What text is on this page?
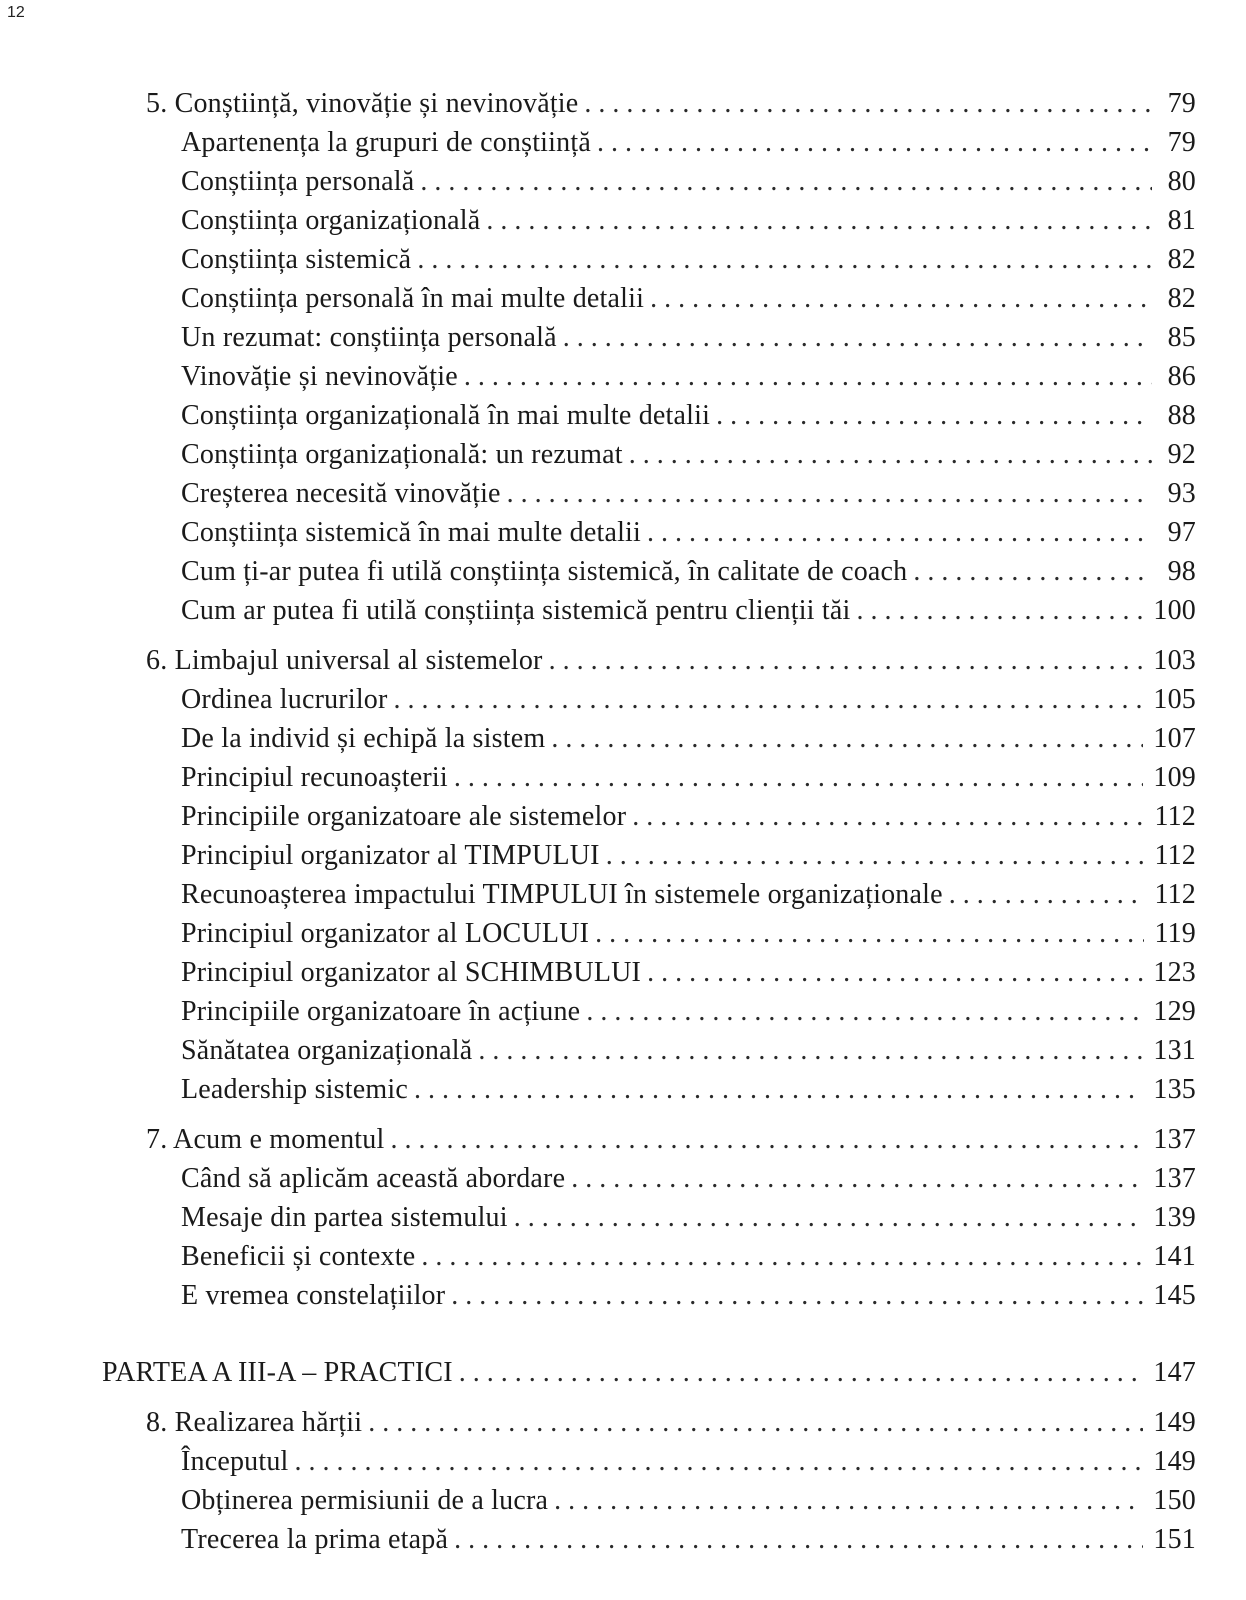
12
5. Conștiință, vinovăție și nevinovăție . . .	79
Apartenența la grupuri de conștiință . . .	79
Conștiința personală . . .	80
Conștiința organizațională . . .	81
Conștiința sistemică . . .	82
Conștiința personală în mai multe detalii . . .	82
Un rezumat: conștiința personală . . .	85
Vinovăție și nevinovăție . . .	86
Conștiința organizațională în mai multe detalii . . .	88
Conștiința organizațională: un rezumat . . .	92
Creșterea necesită vinovăție . . .	93
Conștiința sistemică în mai multe detalii . . .	97
Cum ți-ar putea fi utilă conștiința sistemică, în calitate de coach . . .	98
Cum ar putea fi utilă conștiința sistemică pentru clienții tăi . . .	100
6. Limbajul universal al sistemelor . . .	103
Ordinea lucrurilor . . .	105
De la individ și echipă la sistem . . .	107
Principiul recunoașterii . . .	109
Principiile organizatoare ale sistemelor . . .	112
Principiul organizator al TIMPULUI . . .	112
Recunoașterea impactului TIMPULUI în sistemele organizaționale . . .	112
Principiul organizator al LOCULUI . . .	119
Principiul organizator al SCHIMBULUI . . .	123
Principiile organizatoare în acțiune . . .	129
Sănătatea organizațională . . .	131
Leadership sistemic . . .	135
7. Acum e momentul . . .	137
Când să aplicăm această abordare . . .	137
Mesaje din partea sistemului . . .	139
Beneficii și contexte . . .	141
E vremea constelațiilor . . .	145
PARTEA A III-A – PRACTICI . . .	147
8. Realizarea hărții . . .	149
Începutul . . .	149
Obținerea permisiunii de a lucra . . .	150
Trecerea la prima etapă . . .	151
